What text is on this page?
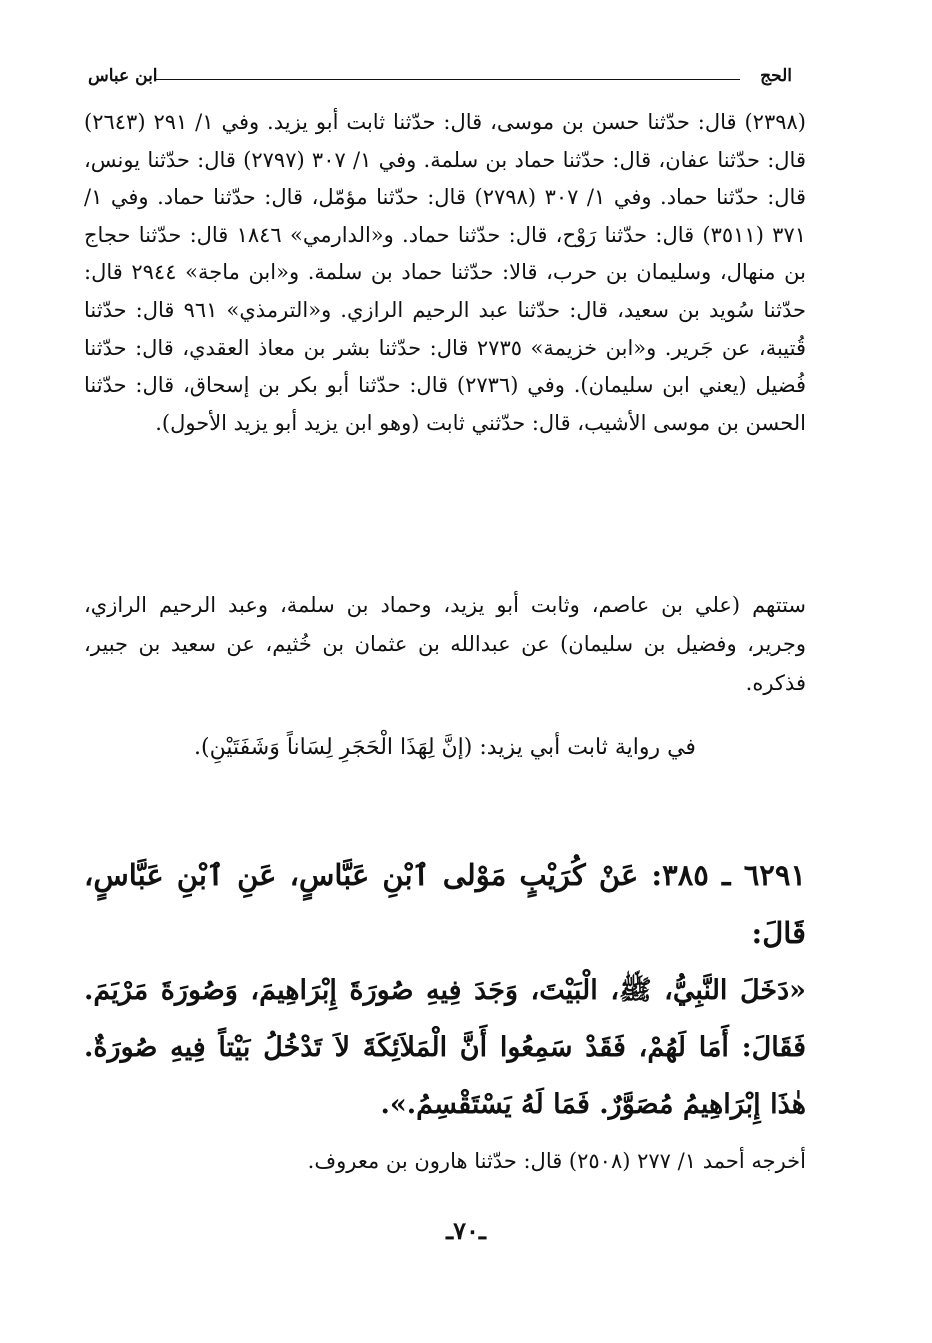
الحج
ابن عباس
(٢٣٩٨) قال: حدّثنا حسن بن موسى، قال: حدّثنا ثابت أبو يزيد. وفي ١/ ٢٩١ (٢٦٤٣) قال: حدّثنا عفان، قال: حدّثنا حماد بن سلمة. وفي ١/ ٣٠٧ (٢٧٩٧) قال: حدّثنا يونس، قال: حدّثنا حماد. وفي ١/ ٣٠٧ (٢٧٩٨) قال: حدّثنا مؤمّل، قال: حدّثنا حماد. وفي ١/ ٣٧١ (٣٥١١) قال: حدّثنا رَوْح، قال: حدّثنا حماد. و«الدارمي» ١٨٤٦ قال: حدّثنا حجاج بن منهال، وسليمان بن حرب، قالا: حدّثنا حماد بن سلمة. و«ابن ماجة» ٢٩٤٤ قال: حدّثنا سُويد بن سعيد، قال: حدّثنا عبد الرحيم الرازي. و«الترمذي» ٩٦١ قال: حدّثنا قُتيبة، عن جَرير. و«ابن خزيمة» ٢٧٣٥ قال: حدّثنا بشر بن معاذ العقدي، قال: حدّثنا فُضيل (يعني ابن سليمان). وفي (٢٧٣٦) قال: حدّثنا أبو بكر بن إسحاق، قال: حدّثنا الحسن بن موسى الأشيب، قال: حدّثني ثابت (وهو ابن يزيد أبو يزيد الأحول).
ستتهم (علي بن عاصم، وثابت أبو يزيد، وحماد بن سلمة، وعبد الرحيم الرازي، وجرير، وفضيل بن سليمان) عن عبدالله بن عثمان بن خُثيم، عن سعيد بن جبير، فذكره.
في رواية ثابت أبي يزيد: (إنَّ لِهَذَا الْحَجَرِ لِسَاناً وَشَفَتَيْنِ).
٦٢٩١ ـ ٣٨٥: عَنْ كُرَيْبٍ مَوْلى ٱبْنِ عَبَّاسٍ، عَنِ ٱبْنِ عَبَّاسٍ، قَالَ:
«دَخَلَ النَّبِيُّ، ﷺ، الْبَيْتَ، وَجَدَ فِيهِ صُورَةَ إِبْرَاهِيمَ، وَصُورَةَ مَرْيَمَ. فَقَالَ: أَمَا لَهُمْ، فَقَدْ سَمِعُوا أَنَّ الْمَلاَئِكَةَ لاَ تَدْخُلُ بَيْتاً فِيهِ صُورَةٌ. هٰذَا إِبْرَاهِيمُ مُصَوَّرٌ. فَمَا لَهُ يَسْتَقْسِمُ.».
أخرجه أحمد ١/ ٢٧٧ (٢٥٠٨) قال: حدّثنا هارون بن معروف.
ـ٧٠ـ
